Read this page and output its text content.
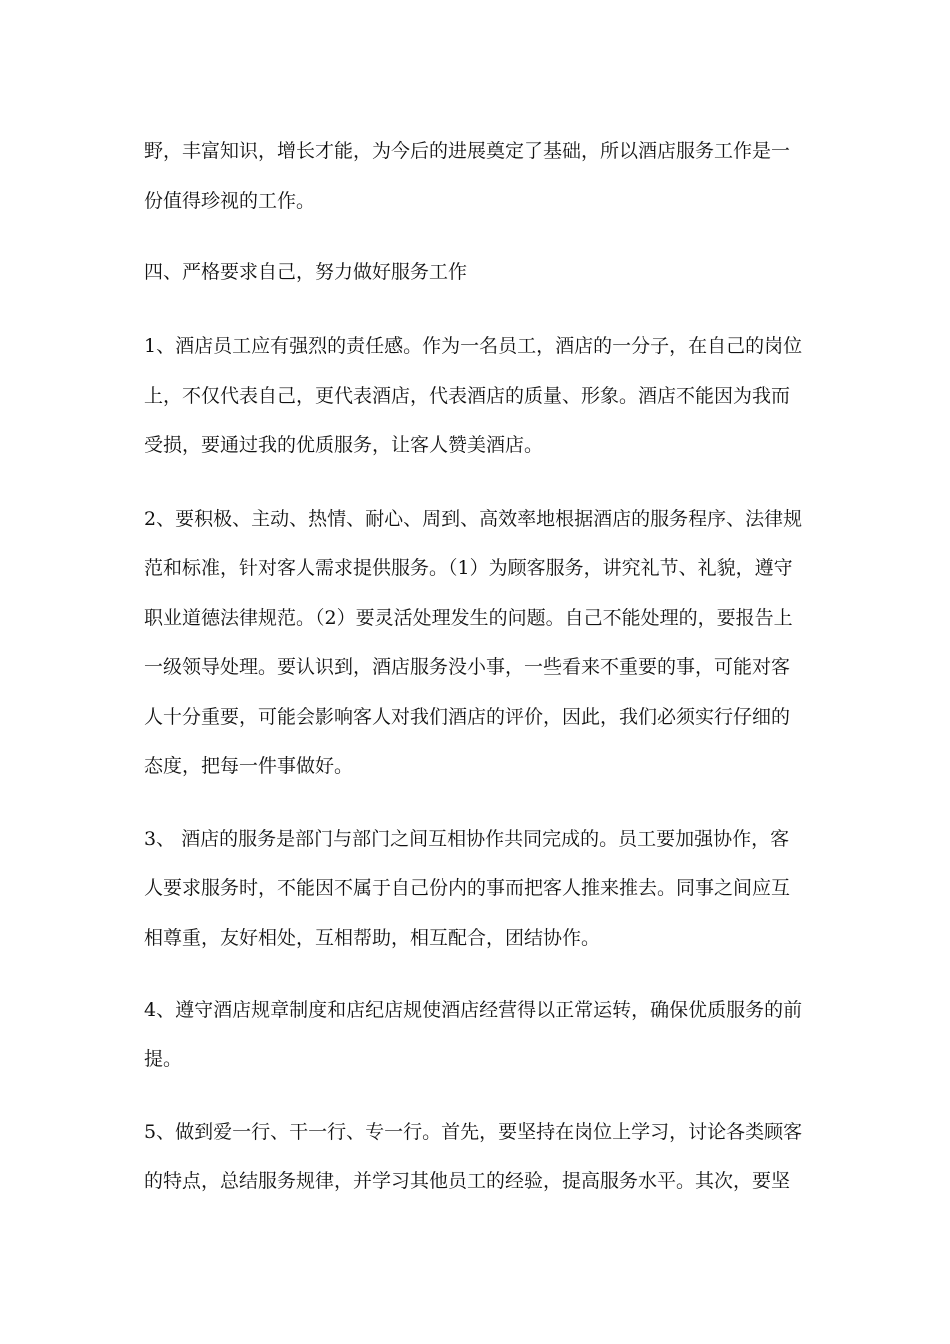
野，丰富知识，增长才能，为今后的进展奠定了基础，所以酒店服务工作是一
份值得珍视的工作。
四、严格要求自己，努力做好服务工作
1、酒店员工应有强烈的责任感。作为一名员工，酒店的一分子，在自己的岗位
上，不仅代表自己，更代表酒店，代表酒店的质量、形象。酒店不能因为我而
受损，要通过我的优质服务，让客人赞美酒店。
2、要积极、主动、热情、耐心、周到、高效率地根据酒店的服务程序、法律规
范和标准，针对客人需求提供服务。（1）为顾客服务，讲究礼节、礼貌，遵守
职业道德法律规范。（2）要灵活处理发生的问题。自己不能处理的，要报告上
一级领导处理。要认识到，酒店服务没小事，一些看来不重要的事，可能对客
人十分重要，可能会影响客人对我们酒店的评价，因此，我们必须实行仔细的
态度，把每一件事做好。
3、 酒店的服务是部门与部门之间互相协作共同完成的。员工要加强协作，客
人要求服务时，不能因不属于自己份内的事而把客人推来推去。同事之间应互
相尊重，友好相处，互相帮助，相互配合，团结协作。
4、遵守酒店规章制度和店纪店规使酒店经营得以正常运转，确保优质服务的前
提。
5、做到爱一行、干一行、专一行。首先，要坚持在岗位上学习，讨论各类顾客
的特点，总结服务规律，并学习其他员工的经验，提高服务水平。其次，要坚
